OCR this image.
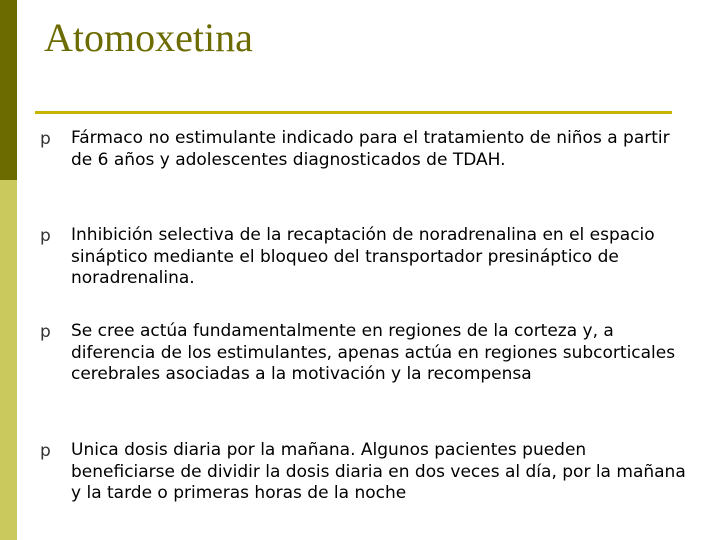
Atomoxetina
p Fármaco no estimulante indicado para el tratamiento de niños a partir de 6 años y adolescentes diagnosticados de TDAH.
p Inhibición selectiva de la recaptación de noradrenalina en el espacio sináptico mediante el bloqueo del transportador presináptico de noradrenalina.
p Se cree actúa fundamentalmente en regiones de la corteza y, a diferencia de los estimulantes, apenas actúa en regiones subcorticales cerebrales asociadas a la motivación y la recompensa
p Unica dosis diaria por la mañana. Algunos pacientes pueden beneficiarse de dividir la dosis diaria en dos veces al día, por la mañana y la tarde o primeras horas de la noche
